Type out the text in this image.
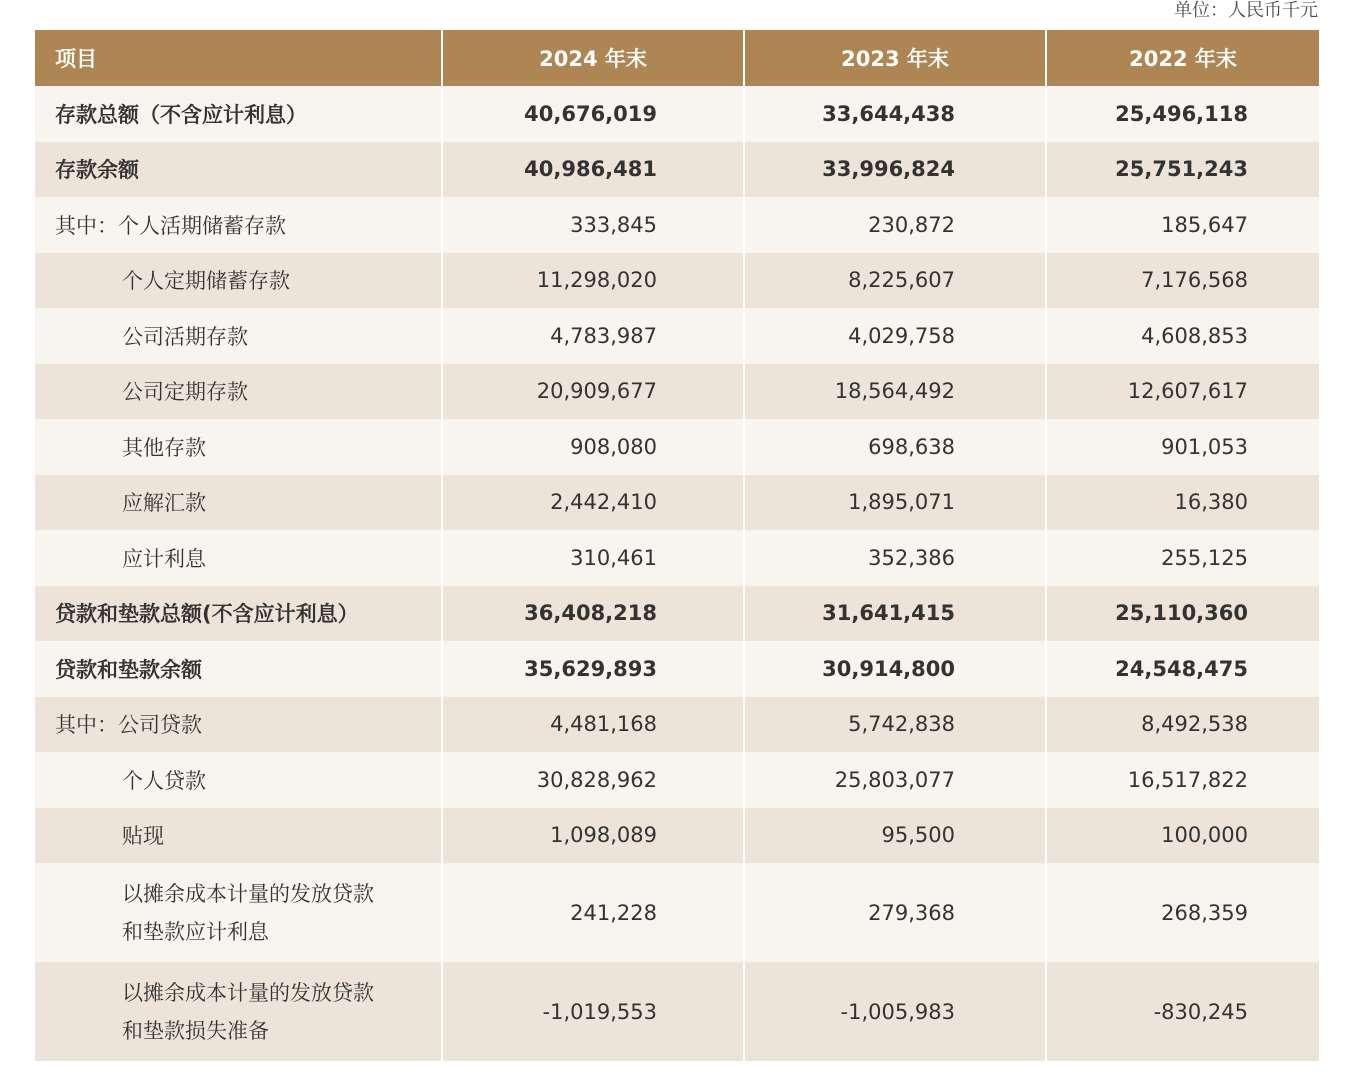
单位：人民币千元
项目	2024 年末	2023 年末	2022 年末
存款总额（不含应计利息）	40,676,019	33,644,438	25,496,118
存款余额	40,986,481	33,996,824	25,751,243
其中：个人活期储蓄存款	333,845	230,872	185,647
个人定期储蓄存款	11,298,020	8,225,607	7,176,568
公司活期存款	4,783,987	4,029,758	4,608,853
公司定期存款	20,909,677	18,564,492	12,607,617
其他存款	908,080	698,638	901,053
应解汇款	2,442,410	1,895,071	16,380
应计利息	310,461	352,386	255,125
贷款和垫款总额(不含应计利息）	36,408,218	31,641,415	25,110,360
贷款和垫款余额	35,629,893	30,914,800	24,548,475
其中：公司贷款	4,481,168	5,742,838	8,492,538
个人贷款	30,828,962	25,803,077	16,517,822
贴现	1,098,089	95,500	100,000

以摊余成本计量的发放贷款
和垫款应计利息	241,228	279,368	268,359

以摊余成本计量的发放贷款
和垫款损失准备	-1,019,553	-1,005,983	-830,245
